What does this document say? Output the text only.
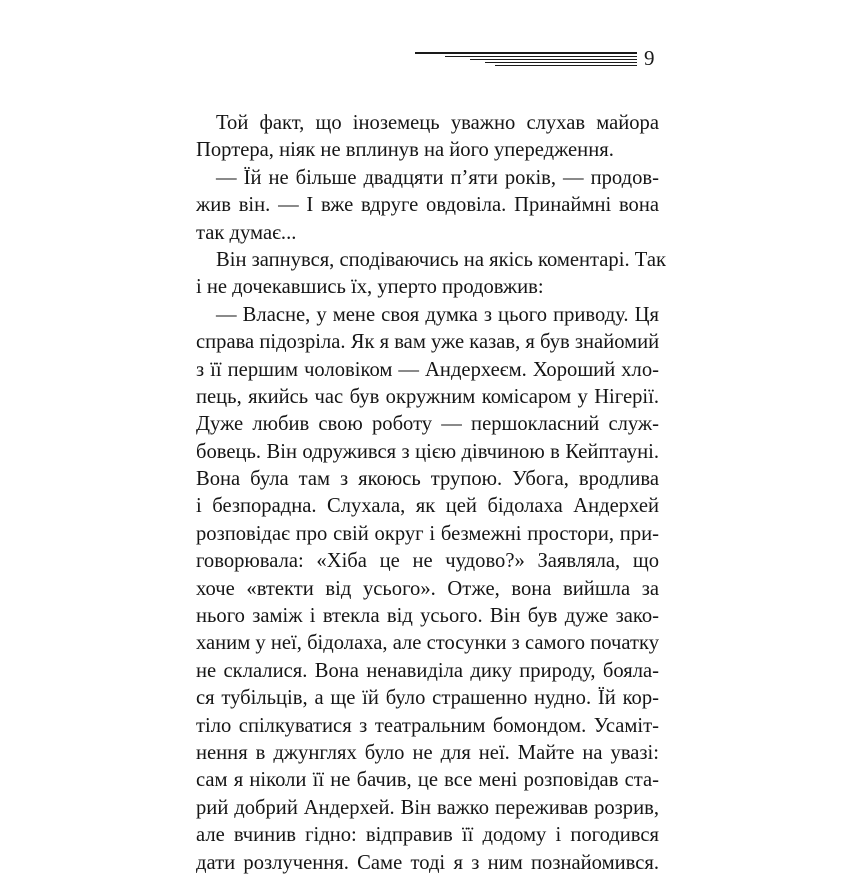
9
Той факт, що іноземець уважно слухав майора
Портера, ніяк не вплинув на його упередження.
— Їй не більше двадцяти п’яти років, — продов-
жив він. — І вже вдруге овдовіла. Принаймні вона
так думає...
Він запнувся, сподіваючись на якісь коментарі. Так
і не дочекавшись їх, уперто продовжив:
— Власне, у мене своя думка з цього приводу. Ця
справа підозріла. Як я вам уже казав, я був знайомий
з її першим чоловіком — Андерхеєм. Хороший хло-
пець, якийсь час був окружним комісаром у Нігерії.
Дуже любив свою роботу — першокласний служ-
бовець. Він одружився з цією дівчиною в Кейптауні.
Вона була там з якоюсь трупою. Убога, вродлива
і безпорадна. Слухала, як цей бідолаха Андерхей
розповідає про свій округ і безмежні простори, при-
говорювала: «Хіба це не чудово?» Заявляла, що
хоче «втекти від усього». Отже, вона вийшла за
нього заміж і втекла від усього. Він був дуже зако-
ханим у неї, бідолаха, але стосунки з самого початку
не склалися. Вона ненавиділа дику природу, боялa-
ся тубільців, а ще їй було страшенно нудно. Їй кор-
тіло спілкуватися з театральним бомондом. Усаміт-
нення в джунглях було не для неї. Майте на увазі:
сам я ніколи її не бачив, це все мені розповідав ста-
рий добрий Андерхей. Він важко переживав розрив,
але вчинив гідно: відправив її додому і погодився
дати розлучення. Саме тоді я з ним познайомився.
